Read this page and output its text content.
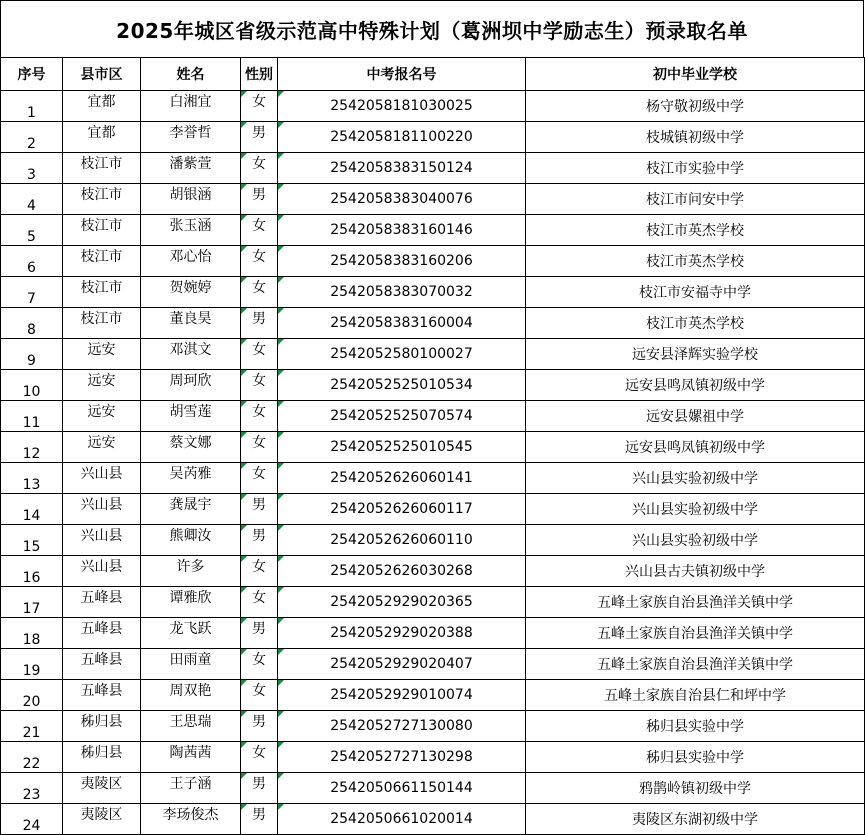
2025年城区省级示范高中特殊计划（葛洲坝中学励志生）预录取名单
序号	县市区	姓名	性别	中考报名号	初中毕业学校
1	宜都	白湘宜	女	2542058181030025	杨守敬初级中学
2	宜都	李誉哲	男	2542058181100220	枝城镇初级中学
3	枝江市	潘紫萱	女	2542058383150124	枝江市实验中学
4	枝江市	胡银涵	男	2542058383040076	枝江市问安中学
5	枝江市	张玉涵	女	2542058383160146	枝江市英杰学校
6	枝江市	邓心怡	女	2542058383160206	枝江市英杰学校
7	枝江市	贺婉婷	女	2542058383070032	枝江市安福寺中学
8	枝江市	董良昊	男	2542058383160004	枝江市英杰学校
9	远安	邓淇文	女	2542052580100027	远安县泽辉实验学校
10	远安	周珂欣	女	2542052525010534	远安县鸣凤镇初级中学
11	远安	胡雪莲	女	2542052525070574	远安县嫘祖中学
12	远安	蔡文娜	女	2542052525010545	远安县鸣凤镇初级中学
13	兴山县	吴芮雅	女	2542052626060141	兴山县实验初级中学
14	兴山县	龚晟宇	男	2542052626060117	兴山县实验初级中学
15	兴山县	熊卿汝	男	2542052626060110	兴山县实验初级中学
16	兴山县	许多	女	2542052626030268	兴山县古夫镇初级中学
17	五峰县	谭雅欣	女	2542052929020365	五峰土家族自治县渔洋关镇中学
18	五峰县	龙飞跃	男	2542052929020388	五峰土家族自治县渔洋关镇中学
19	五峰县	田雨童	女	2542052929020407	五峰土家族自治县渔洋关镇中学
20	五峰县	周双艳	女	2542052929010074	五峰土家族自治县仁和坪中学
21	秭归县	王思瑞	男	2542052727130080	秭归县实验中学
22	秭归县	陶茜茜	女	2542052727130298	秭归县实验中学
23	夷陵区	王子涵	男	2542050661150144	鸦鹊岭镇初级中学
24	夷陵区	李玚俊杰	男	2542050661020014	夷陵区东湖初级中学
